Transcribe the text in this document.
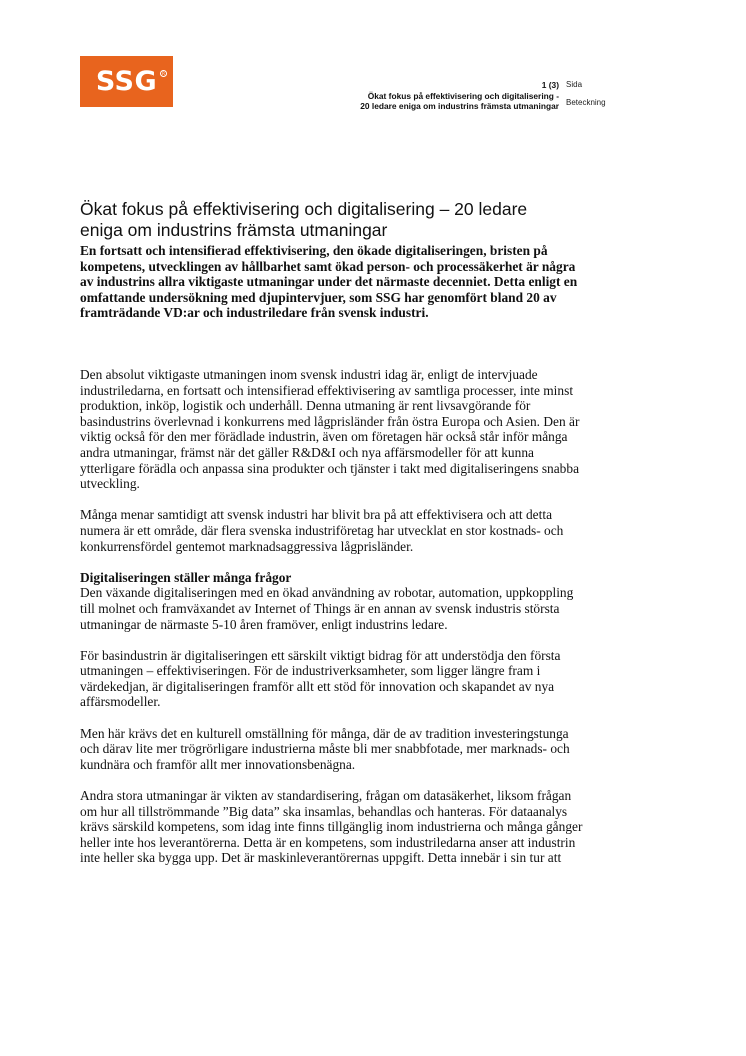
SSG	R
1 (3)
Ökat fokus på effektivisering och digitalisering - 20 ledare eniga om industrins främsta utmaningar
Sida
Beteckning
Ökat fokus på effektivisering och digitalisering – 20 ledare eniga om industrins främsta utmaningar

En fortsatt och intensifierad effektivisering, den ökade digitaliseringen, bristen på kompetens, utvecklingen av hållbarhet samt ökad person- och processäkerhet är några av industrins allra viktigaste utmaningar under det närmaste decenniet. Detta enligt en omfattande undersökning med djupintervjuer, som SSG har genomfört bland 20 av framträdande VD:ar och industriledare från svensk industri.

Den absolut viktigaste utmaningen inom svensk industri idag är, enligt de intervjuade industriledarna, en fortsatt och intensifierad effektivisering av samtliga processer, inte minst produktion, inköp, logistik och underhåll. Denna utmaning är rent livsavgörande för basindustrins överlevnad i konkurrens med lågprisländer från östra Europa och Asien. Den är viktig också för den mer förädlade industrin, även om företagen här också står inför många andra utmaningar, främst när det gäller R&D&I och nya affärsmodeller för att kunna ytterligare förädla och anpassa sina produkter och tjänster i takt med digitaliseringens snabba utveckling.

Många menar samtidigt att svensk industri har blivit bra på att effektivisera och att detta numera är ett område, där flera svenska industriföretag har utvecklat en stor kostnads- och konkurrensfördel gentemot marknadsaggressiva lågprisländer.

Digitaliseringen ställer många frågor

Den växande digitaliseringen med en ökad användning av robotar, automation, uppkoppling till molnet och framväxandet av Internet of Things är en annan av svensk industris största utmaningar de närmaste 5-10 åren framöver, enligt industrins ledare.

För basindustrin är digitaliseringen ett särskilt viktigt bidrag för att understödja den första utmaningen – effektiviseringen. För de industriverksamheter, som ligger längre fram i värdekedjan, är digitaliseringen framför allt ett stöd för innovation och skapandet av nya affärsmodeller.

Men här krävs det en kulturell omställning för många, där de av tradition investeringstunga och därav lite mer trögrörligare industrierna måste bli mer snabbfotade, mer marknads- och kundnära och framför allt mer innovationsbenägna.

Andra stora utmaningar är vikten av standardisering, frågan om datasäkerhet, liksom frågan om hur all tillströmmande ”Big data” ska insamlas, behandlas och hanteras. För dataanalys krävs särskild kompetens, som idag inte finns tillgänglig inom industrierna och många gånger heller inte hos leverantörerna. Detta är en kompetens, som industriledarna anser att industrin inte heller ska bygga upp. Det är maskinleverantörernas uppgift. Detta innebär i sin tur att
